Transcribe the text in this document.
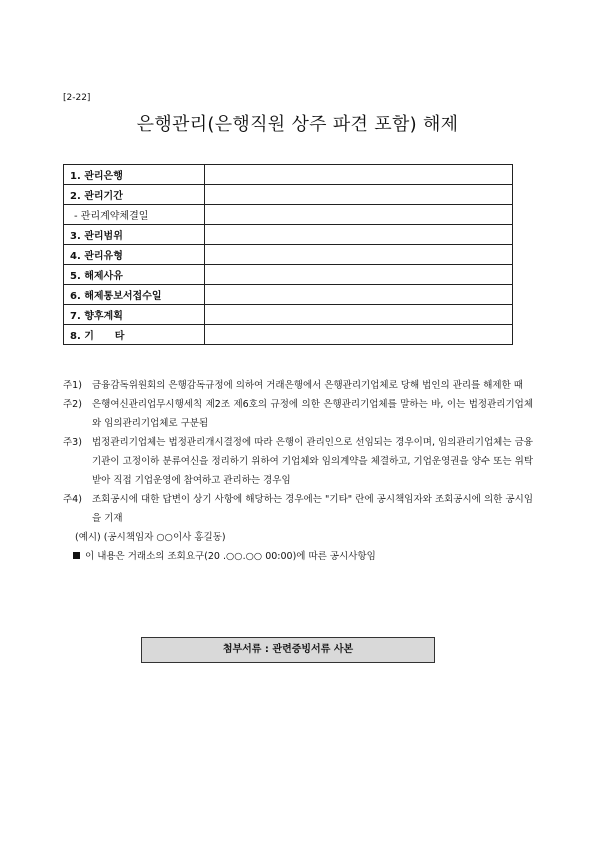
[2-22]
은행관리(은행직원 상주 파견 포함) 해제
1. 관리은행	
2. 관리기간	
- 관리계약체결일	
3. 관리범위	
4. 관리유형	
5. 해제사유	
6. 해제통보서접수일	
7. 향후계획	
8. 기      타	
주1) 금융감독위원회의 은행감독규정에 의하여 거래은행에서 은행관리기업체로 당해 법인의 관리를 해제한 때
주2) 은행여신관리업무시행세칙 제2조 제6호의 규정에 의한 은행관리기업체를 말하는 바, 이는 법정관리기업체와 임의관리기업체로 구분됨
주3) 법정관리기업체는 법정관리개시결정에 따라 은행이 관리인으로 선임되는 경우이며, 임의관리기업체는 금융기관이 고정이하 분류여신을 정리하기 위하여 기업체와 임의계약을 체결하고, 기업운영권을 양수 또는 위탁받아 직접 기업운영에 참여하고 관리하는 경우임
주4) 조회공시에 대한 답변이 상기 사항에 해당하는 경우에는 "기타" 란에 공시책임자와 조회공시에 의한 공시임을 기재
(예시) (공시책임자 ○○이사 홍길동)
이 내용은 거래소의 조회요구(20 .○○.○○ 00:00)에 따른 공시사항임
첨부서류 : 관련증빙서류 사본
